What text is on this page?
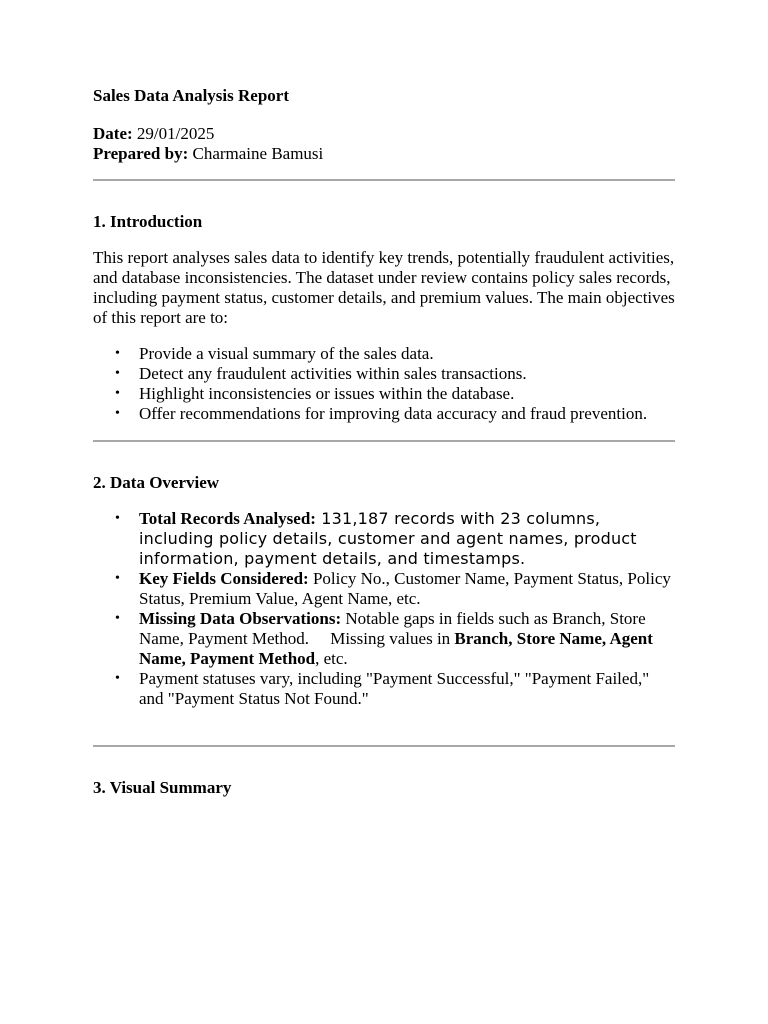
Sales Data Analysis Report
Date: 29/01/2025
Prepared by: Charmaine Bamusi
1. Introduction

This report analyses sales data to identify key trends, potentially fraudulent activities, and database inconsistencies. The dataset under review contains policy sales records, including payment status, customer details, and premium values. The main objectives of this report are to:

• Provide a visual summary of the sales data.
• Detect any fraudulent activities within sales transactions.
• Highlight inconsistencies or issues within the database.
• Offer recommendations for improving data accuracy and fraud prevention.
2. Data Overview
• Total Records Analysed: 131,187 records with 23 columns, including policy details, customer and agent names, product information, payment details, and timestamps.
• Key Fields Considered: Policy No., Customer Name, Payment Status, Policy Status, Premium Value, Agent Name, etc.
• Missing Data Observations: Notable gaps in fields such as Branch, Store Name, Payment Method.     Missing values in Branch, Store Name, Agent Name, Payment Method, etc.
• Payment statuses vary, including "Payment Successful," "Payment Failed," and "Payment Status Not Found."
3. Visual Summary
